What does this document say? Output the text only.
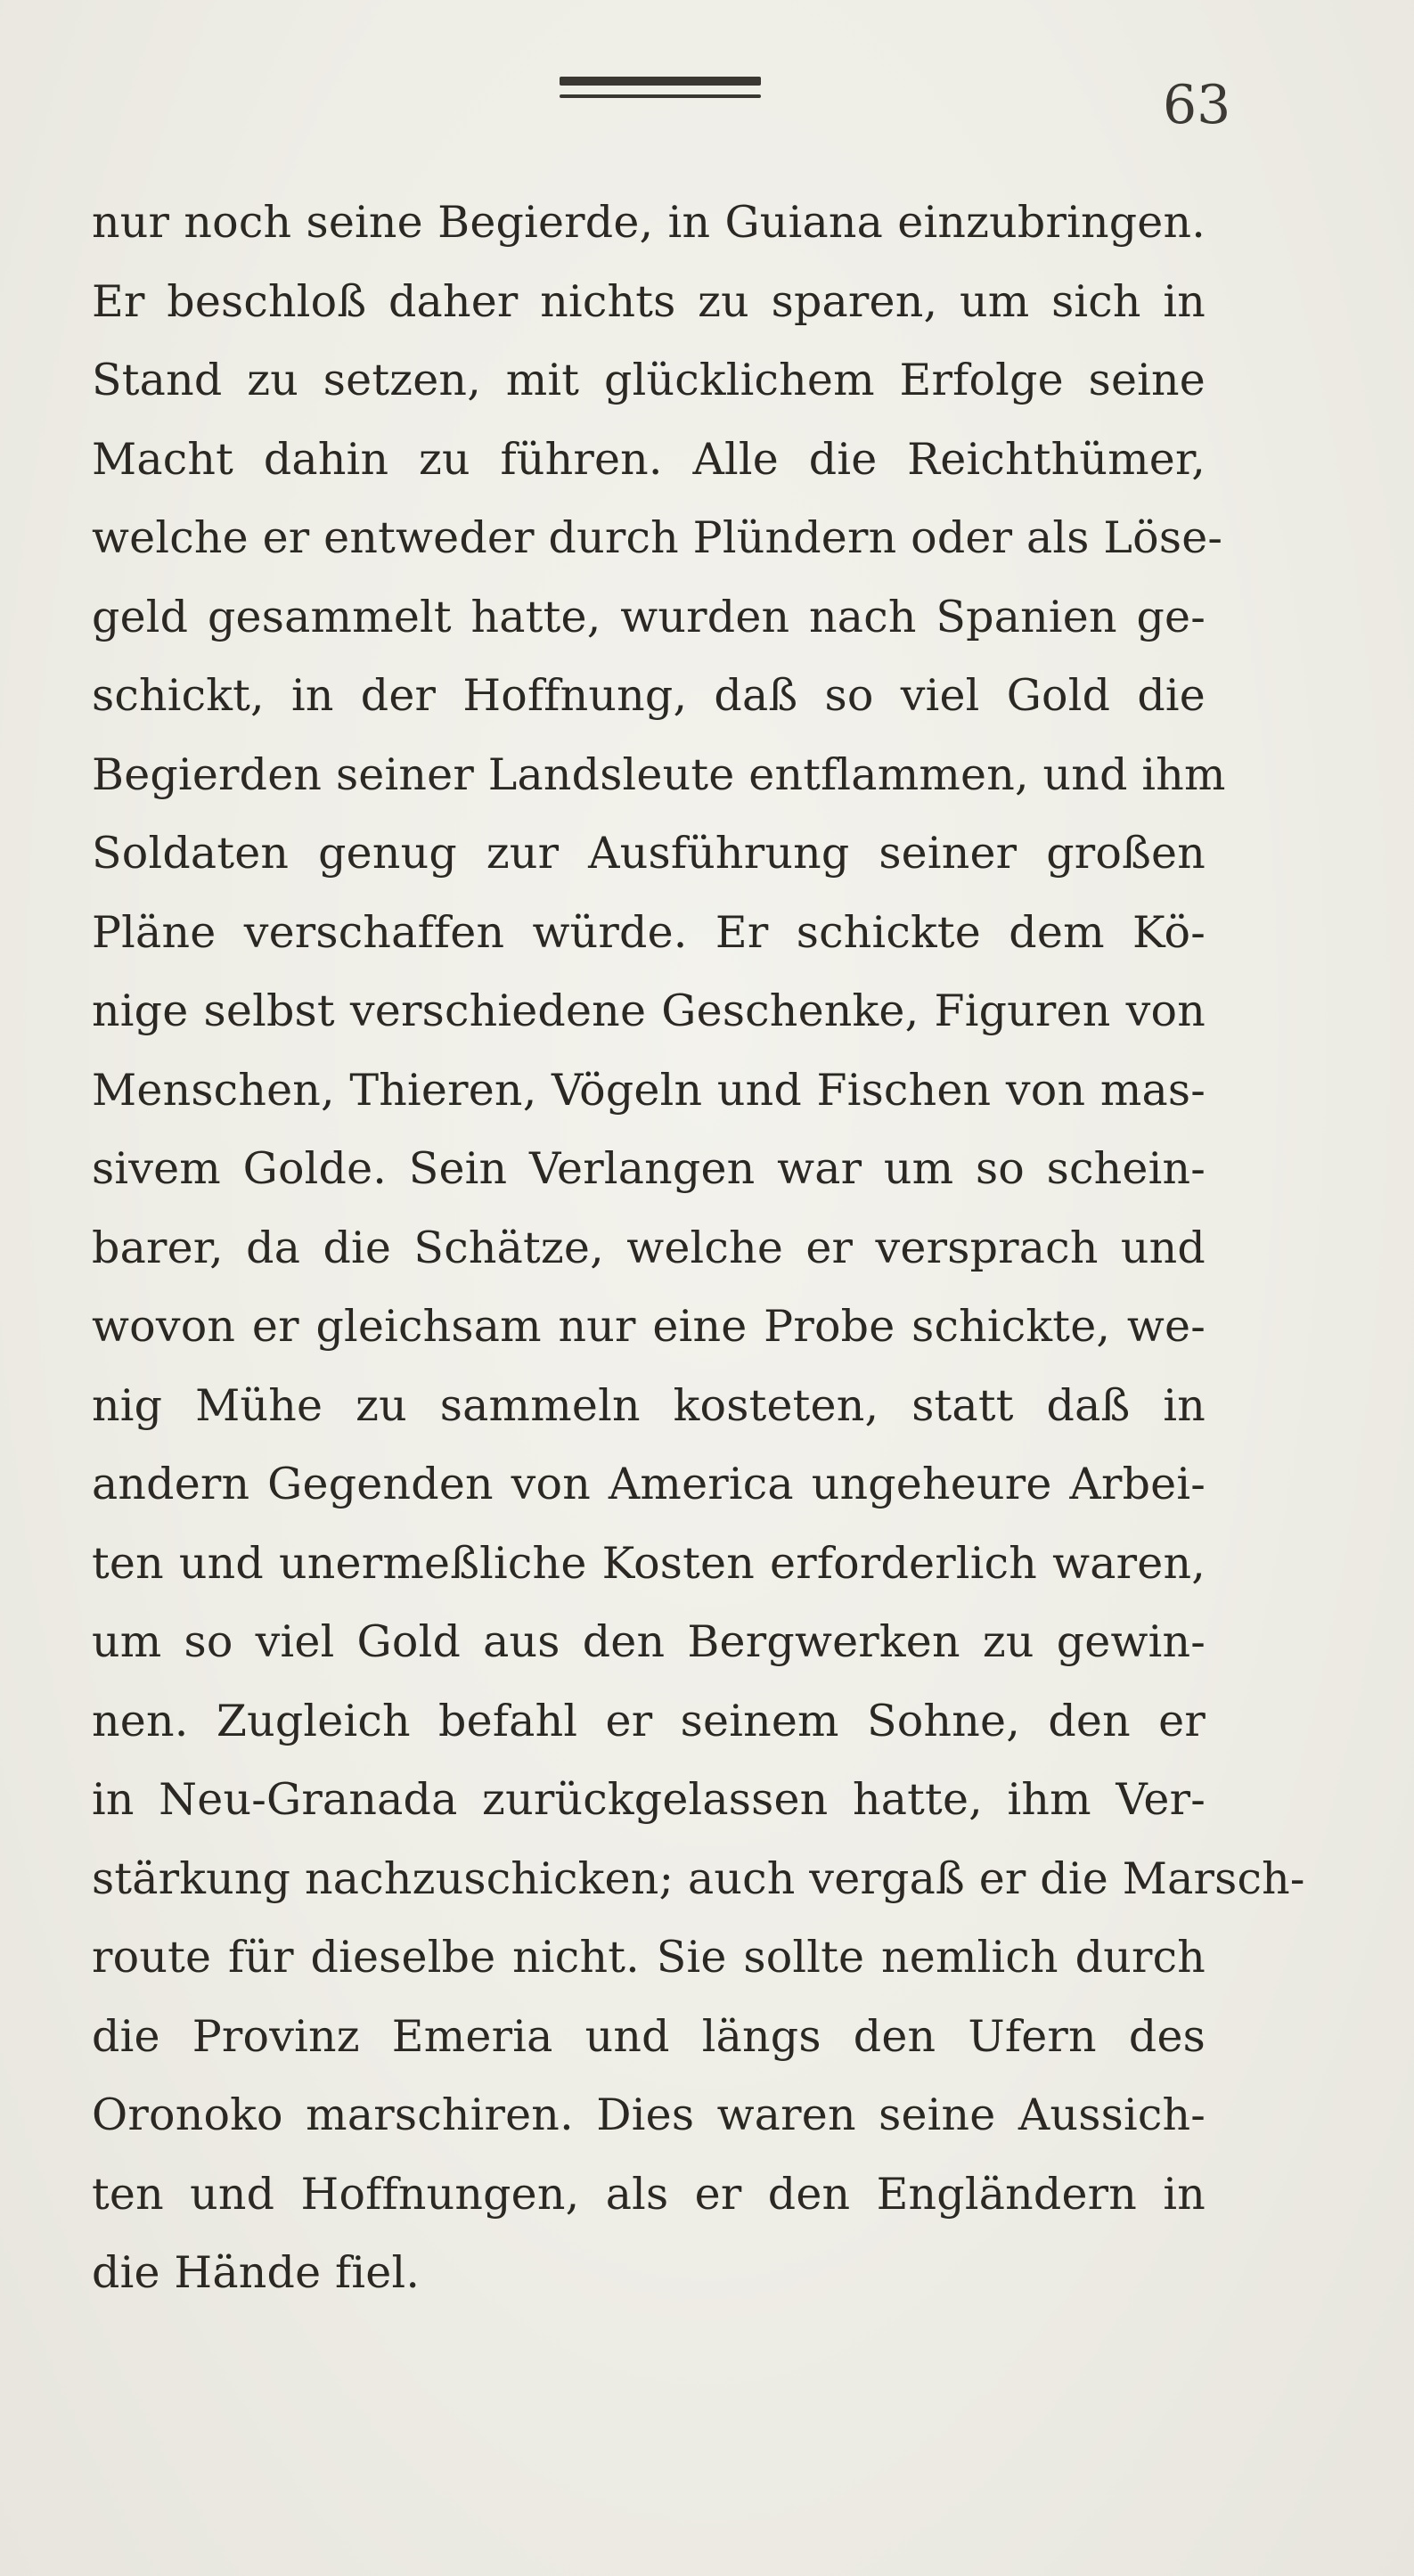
63
nur noch seine Begierde, in Guiana einzubringen.
Er beschloß daher nichts zu sparen, um sich in
Stand zu setzen, mit glücklichem Erfolge seine
Macht dahin zu führen. Alle die Reichthümer,
welche er entweder durch Plündern oder als Löse-
geld gesammelt hatte, wurden nach Spanien ge-
schickt, in der Hoffnung, daß so viel Gold die
Begierden seiner Landsleute entflammen, und ihm
Soldaten genug zur Ausführung seiner großen
Pläne verschaffen würde. Er schickte dem Kö-
nige selbst verschiedene Geschenke, Figuren von
Menschen, Thieren, Vögeln und Fischen von mas-
sivem Golde. Sein Verlangen war um so schein-
barer, da die Schätze, welche er versprach und
wovon er gleichsam nur eine Probe schickte, we-
nig Mühe zu sammeln kosteten, statt daß in
andern Gegenden von America ungeheure Arbei-
ten und unermeßliche Kosten erforderlich waren,
um so viel Gold aus den Bergwerken zu gewin-
nen. Zugleich befahl er seinem Sohne, den er
in Neu-Granada zurückgelassen hatte, ihm Ver-
stärkung nachzuschicken; auch vergaß er die Marsch-
route für dieselbe nicht. Sie sollte nemlich durch
die Provinz Emeria und längs den Ufern des
Oronoko marschiren. Dies waren seine Aussich-
ten und Hoffnungen, als er den Engländern in
die Hände fiel.
